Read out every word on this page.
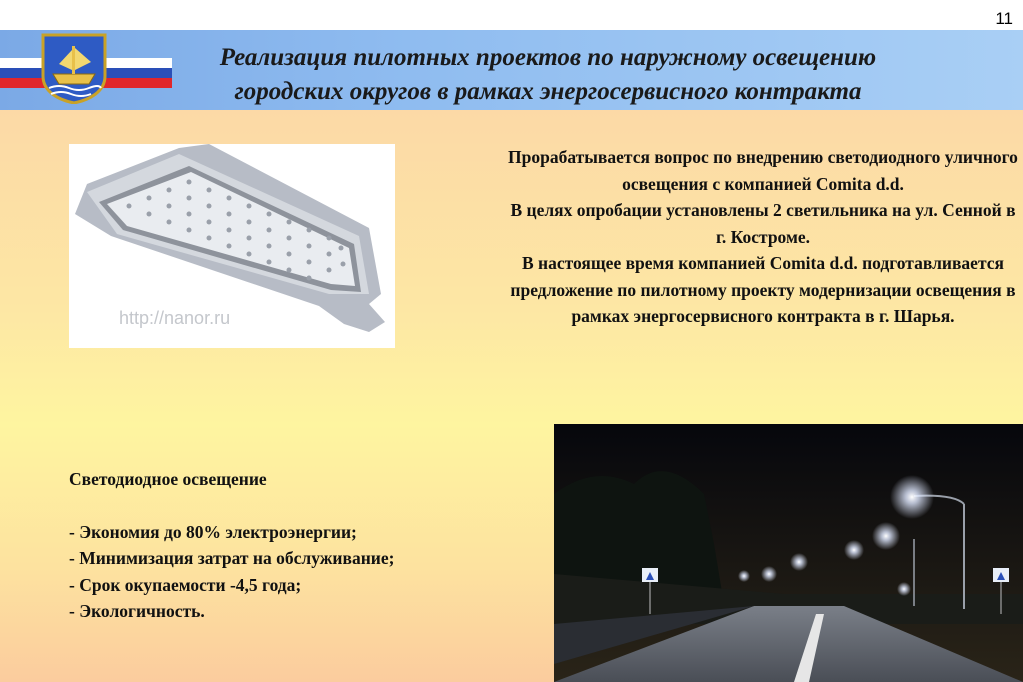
11
Реализация пилотных проектов по наружному освещению
городских округов в рамках энергосервисного контракта
http://nanor.ru
Прорабатывается вопрос по внедрению светодиодного уличного освещения с компанией Comita d.d.
В целях опробации установлены 2 светильника на ул. Сенной в г. Костроме.
В настоящее время компанией Comita d.d. подготавливается предложение по пилотному проекту модернизации освещения в рамках энергосервисного контракта в г. Шарья.
Светодиодное освещение
- Экономия до 80% электроэнергии;
- Минимизация затрат на обслуживание;
- Срок окупаемости -4,5 года;
- Экологичность.
